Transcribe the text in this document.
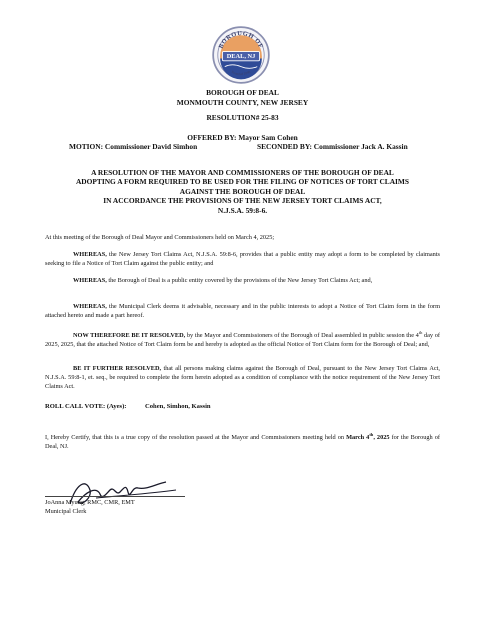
DEAL, NJ
BOROUGH OF
Founded 1898
BOROUGH OF DEAL
MONMOUTH COUNTY, NEW JERSEY
RESOLUTION# 25-83
OFFERED BY: Mayor Sam Cohen
MOTION: Commissioner David Simhon	SECONDED BY: Commissioner Jack A. Kassin
A RESOLUTION OF THE MAYOR AND COMMISSIONERS OF THE BOROUGH OF DEAL
ADOPTING A FORM REQUIRED TO BE USED FOR THE FILING OF NOTICES OF TORT CLAIMS
AGAINST THE BOROUGH OF DEAL
IN ACCORDANCE THE PROVISIONS OF THE NEW JERSEY TORT CLAIMS ACT,
N.J.S.A. 59:8-6.
At this meeting of the Borough of Deal Mayor and Commissioners held on March 4, 2025;
WHEREAS, the New Jersey Tort Claims Act, N.J.S.A. 59:8-6, provides that a public entity may adopt a form to be completed by claimants seeking to file a Notice of Tort Claim against the public entity; and
WHEREAS, the Borough of Deal is a public entity covered by the provisions of the New Jersey Tort Claims Act; and,
WHEREAS, the Municipal Clerk deems it advisable, necessary and in the public interests to adopt a Notice of Tort Claim form in the form attached hereto and made a part hereof.
NOW THEREFORE BE IT RESOLVED, by the Mayor and Commissioners of the Borough of Deal assembled in public session the 4th day of 2025, 2025, that the attached Notice of Tort Claim form be and hereby is adopted as the official Notice of Tort Claim form for the Borough of Deal; and,
BE IT FURTHER RESOLVED, that all persons making claims against the Borough of Deal, pursuant to the New Jersey Tort Claims Act, N.J.S.A. 59:8-1, et. seq., be required to complete the form herein adopted as a condition of compliance with the notice requirement of the New Jersey Tort Claims Act.
ROLL CALL VOTE: (Ayes):	Cohen, Simhon, Kassin
I, Hereby Certify, that this is a true copy of the resolution passed at the Mayor and Commissioners meeting held on March 4th, 2025 for the Borough of Deal, NJ.
JoAnna Myung, RMC, CMR, EMT
Municipal Clerk
